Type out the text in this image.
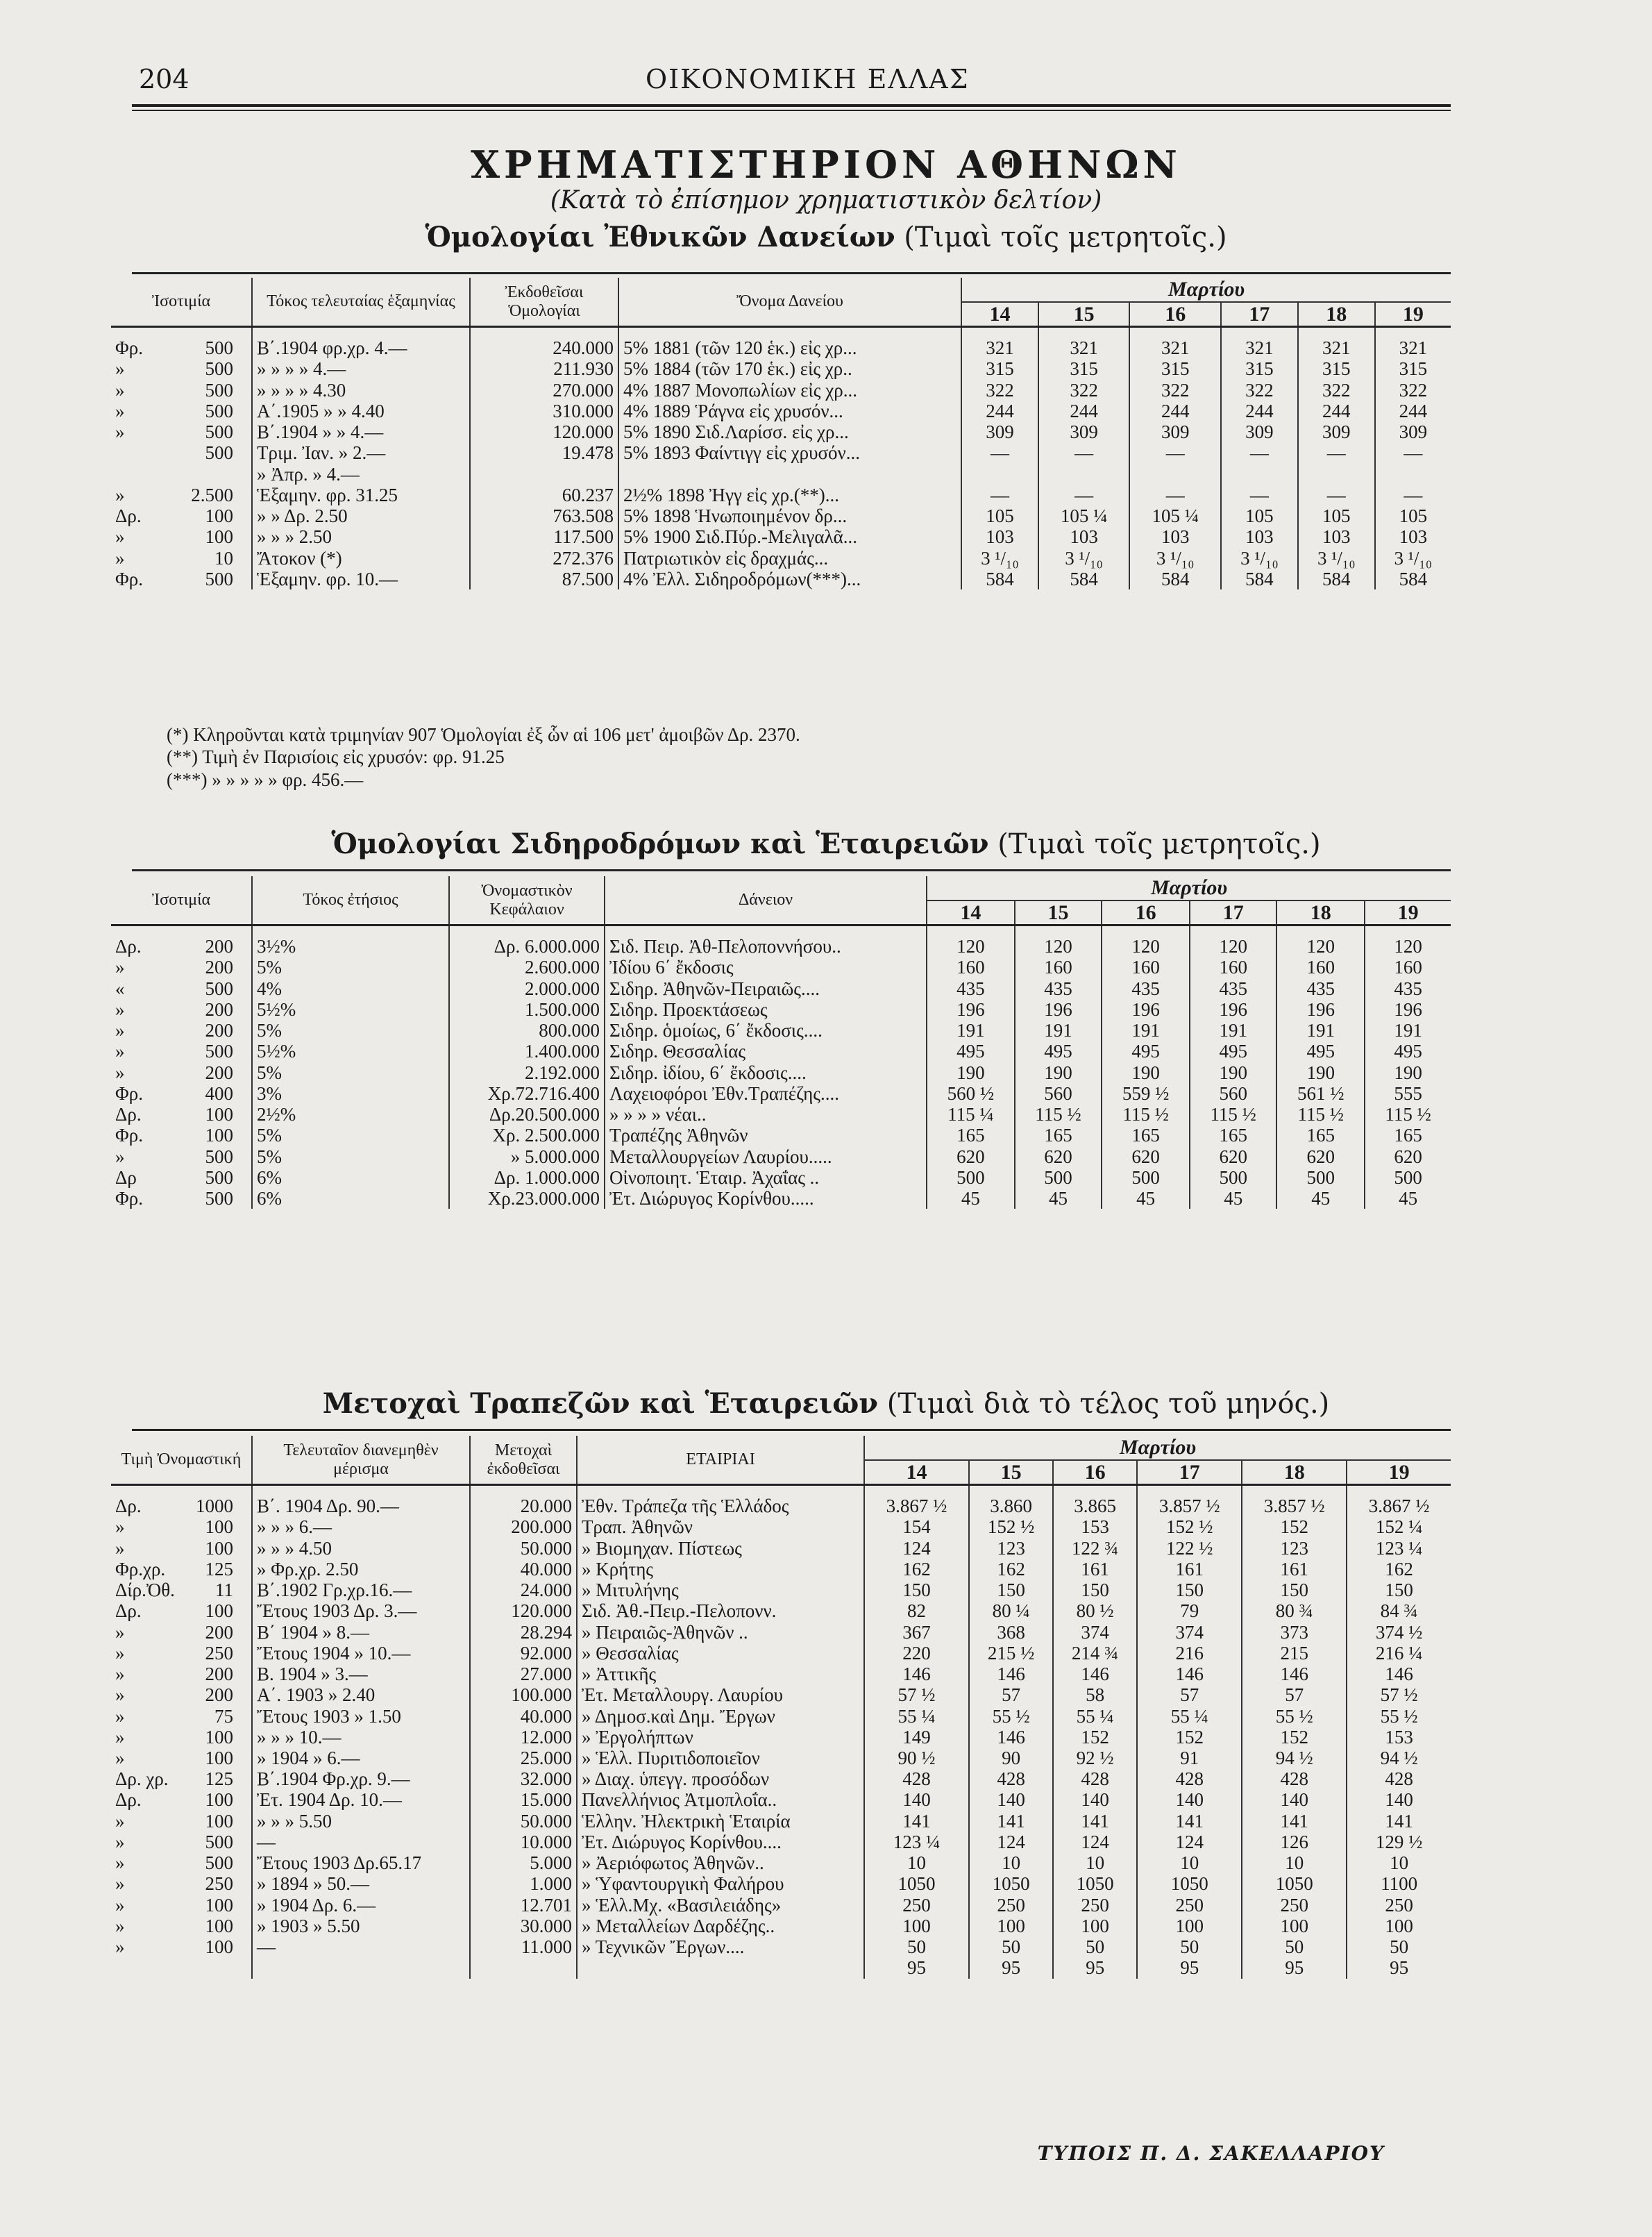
204	ΟΙΚΟΝΟΜΙΚΗ ΕΛΛΑΣ
ΧΡΗΜΑΤΙΣΤΗΡΙΟΝ ΑΘΗΝΩΝ
(Κατὰ τὸ ἐπίσημον χρηματιστικὸν δελτίον)
Ὁμολογίαι Ἐθνικῶν Δανείων (Τιμαὶ τοῖς μετρητοῖς.)
Ἰσοτιμία	Τόκος τελευταίας ἑξαμηνίας	Ἐκδοθεῖσαι Ὁμολογίαι	Ὄνομα Δανείου	Μαρτίου					
				14	15	16	17	18	19
Φρ. 500	Β΄.1904 φρ.χρ. 4.—	240.000	5% 1881 (τῶν 120 ἑκ.) εἰς χρ...	321	321	321	321	321	321
» 500	» » » » 4.—	211.930	5% 1884 (τῶν 170 ἑκ.) εἰς χρ..	315	315	315	315	315	315
» 500	» » » » 4.30	270.000	4% 1887 Μονοπωλίων εἰς χρ...	322	322	322	322	322	322
» 500	Α΄.1905 » » 4.40	310.000	4% 1889 Ῥάγνα εἰς χρυσόν...	244	244	244	244	244	244
» 500	Β΄.1904 » » 4.—	120.000	5% 1890 Σιδ.Λαρίσσ. εἰς χρ...	309	309	309	309	309	309
500	Τριμ. Ἰαν. » 2.—	19.478	5% 1893 Φαίντιγγ εἰς χρυσόν...	—	—	—	—	—	—
	» Ἀπρ. » 4.—								
» 2.500	Ἑξαμην. φρ. 31.25	60.237	2½% 1898 Ἠγγ εἰς χρ.(**)...	—	—	—	—	—	—
Δρ. 100	» » Δρ. 2.50	763.508	5% 1898 Ἡνωποιημένον δρ...	105	105 ¼	105 ¼	105	105	105
» 100	» » » 2.50	117.500	5% 1900 Σιδ.Πύρ.-Μελιγαλᾶ...	103	103	103	103	103	103
» 10	Ἄτοκον (*)	272.376	Πατριωτικὸν εἰς δραχμάς...	3 ¹/₁₀	3 ¹/₁₀	3 ¹/₁₀	3 ¹/₁₀	3 ¹/₁₀	3 ¹/₁₀
Φρ. 500	Ἑξαμην. φρ. 10.—	87.500	4% Ἐλλ. Σιδηροδρόμων(***)...	584	584	584	584	584	584
(*) Κληροῦνται κατὰ τριμηνίαν 907 Ὁμολογίαι ἐξ ὧν αἱ 106 μετ' ἀμοιβῶν Δρ. 2370.
(**) Τιμὴ ἐν Παρισίοις εἰς χρυσόν: φρ. 91.25
(***) » » » » » φρ. 456.—
Ὁμολογίαι Σιδηροδρόμων καὶ Ἑταιρειῶν (Τιμαὶ τοῖς μετρητοῖς.)
Ἰσοτιμία	Τόκος ἐτήσιος	Ὀνομαστικὸν Κεφάλαιον	Δάνειον	Μαρτίου					
				14	15	16	17	18	19
Δρ. 200	3½%	Δρ. 6.000.000	Σιδ. Πειρ. Ἀθ-Πελοποννήσου..	120	120	120	120	120	120
» 200	5%	2.600.000	Ἰδίου 6΄ ἔκδοσις	160	160	160	160	160	160
« 500	4%	2.000.000	Σιδηρ. Ἀθηνῶν-Πειραιῶς....	435	435	435	435	435	435
» 200	5½%	1.500.000	Σιδηρ. Προεκτάσεως	196	196	196	196	196	196
» 200	5%	800.000	Σιδηρ. ὁμοίως, 6΄ ἔκδοσις....	191	191	191	191	191	191
» 500	5½%	1.400.000	Σιδηρ. Θεσσαλίας	495	495	495	495	495	495
» 200	5%	2.192.000	Σιδηρ. ἰδίου, 6΄ ἔκδοσις....	190	190	190	190	190	190
Φρ. 400	3%	Χρ.72.716.400	Λαχειοφόροι Ἐθν.Τραπέζης....	560 ½	560	559 ½	560	561 ½	555
Δρ. 100	2½%	Δρ.20.500.000	» » » » νέαι..	115 ¼	115 ½	115 ½	115 ½	115 ½	115 ½
Φρ. 100	5%	Χρ. 2.500.000	Τραπέζης Ἀθηνῶν	165	165	165	165	165	165
» 500	5%	» 5.000.000	Μεταλλουργείων Λαυρίου.....	620	620	620	620	620	620
Δρ 500	6%	Δρ. 1.000.000	Οἰνοποιητ. Ἑταιρ. Ἀχαΐας ..	500	500	500	500	500	500
Φρ. 500	6%	Χρ.23.000.000	Ἐτ. Διώρυγος Κορίνθου.....	45	45	45	45	45	45
Μετοχαὶ Τραπεζῶν καὶ Ἑταιρειῶν (Τιμαὶ διὰ τὸ τέλος τοῦ μηνός.)
Τιμὴ Ὀνομαστική	Τελευταῖον διανεμηθὲν μέρισμα	Μετοχαὶ ἐκδοθεῖσαι	ΕΤΑΙΡΙΑΙ	Μαρτίου					
				14	15	16	17	18	19
Δρ. 1000	Β΄. 1904 Δρ. 90.—	20.000	Ἐθν. Τράπεζα τῆς Ἑλλάδος	3.867 ½	3.860	3.865	3.857 ½	3.857 ½	3.867 ½
» 100	» » » 6.—	200.000	Τραπ. Ἀθηνῶν	154	152 ½	153	152 ½	152	152 ¼
» 100	» » » 4.50	50.000	» Βιομηχαν. Πίστεως	124	123	122 ¾	122 ½	123	123 ¼
Φρ.χρ. 125	» Φρ.χρ. 2.50	40.000	» Κρήτης	162	162	161	161	161	162
Δίρ.Ὀθ. 11	Β΄.1902 Γρ.χρ.16.—	24.000	» Μιτυλήνης	150	150	150	150	150	150
Δρ. 100	Ἔτους 1903 Δρ. 3.—	120.000	Σιδ. Ἀθ.-Πειρ.-Πελοπονν.	82	80 ¼	80 ½	79	80 ¾	84 ¾
» 200	Β΄ 1904 » 8.—	28.294	» Πειραιῶς-Ἀθηνῶν ..	367	368	374	374	373	374 ½
» 250	Ἔτους 1904 » 10.—	92.000	» Θεσσαλίας	220	215 ½	214 ¾	216	215	216 ¼
» 200	Β. 1904 » 3.—	27.000	» Ἀττικῆς	146	146	146	146	146	146
» 200	Α΄. 1903 » 2.40	100.000	Ἐτ. Μεταλλουργ. Λαυρίου	57 ½	57	58	57	57	57 ½
» 75	Ἔτους 1903 » 1.50	40.000	» Δημοσ.καὶ Δημ. Ἔργων	55 ¼	55 ½	55 ¼	55 ¼	55 ½	55 ½
» 100	» » » 10.—	12.000	» Ἐργολήπτων	149	146	152	152	152	153
» 100	» 1904 » 6.—	25.000	» Ἑλλ. Πυριτιδοποιεῖον	90 ½	90	92 ½	91	94 ½	94 ½
Δρ. χρ. 125	Β΄.1904 Φρ.χρ. 9.—	32.000	» Διαχ. ὑπεγγ. προσόδων	428	428	428	428	428	428
Δρ. 100	Ἐτ. 1904 Δρ. 10.—	15.000	Πανελλήνιος Ἀτμοπλοΐα..	140	140	140	140	140	140
» 100	» » » 5.50	50.000	Ἑλλην. Ἠλεκτρικὴ Ἑταιρία	141	141	141	141	141	141
» 500	—	10.000	Ἐτ. Διώρυγος Κορίνθου....	123 ¼	124	124	124	126	129 ½
» 500	Ἔτους 1903 Δρ.65.17	5.000	» Ἀεριόφωτος Ἀθηνῶν..	10	10	10	10	10	10
» 250	» 1894 » 50.—	1.000	» Ὑφαντουργικὴ Φαλήρου	1050	1050	1050	1050	1050	1100
» 100	» 1904 Δρ. 6.—	12.701	» Ἑλλ.Μχ. «Βασιλειάδης»	250	250	250	250	250	250
» 100	» 1903 » 5.50	30.000	» Μεταλλείων Δαρδέζης..	100	100	100	100	100	100
» 100	—	11.000	» Τεχνικῶν Ἔργων....	50	50	50	50	50	50
				95	95	95	95	95	95
ΤΥΠΟΙΣ Π. Δ. ΣΑΚΕΛΛΑΡΙΟΥ
